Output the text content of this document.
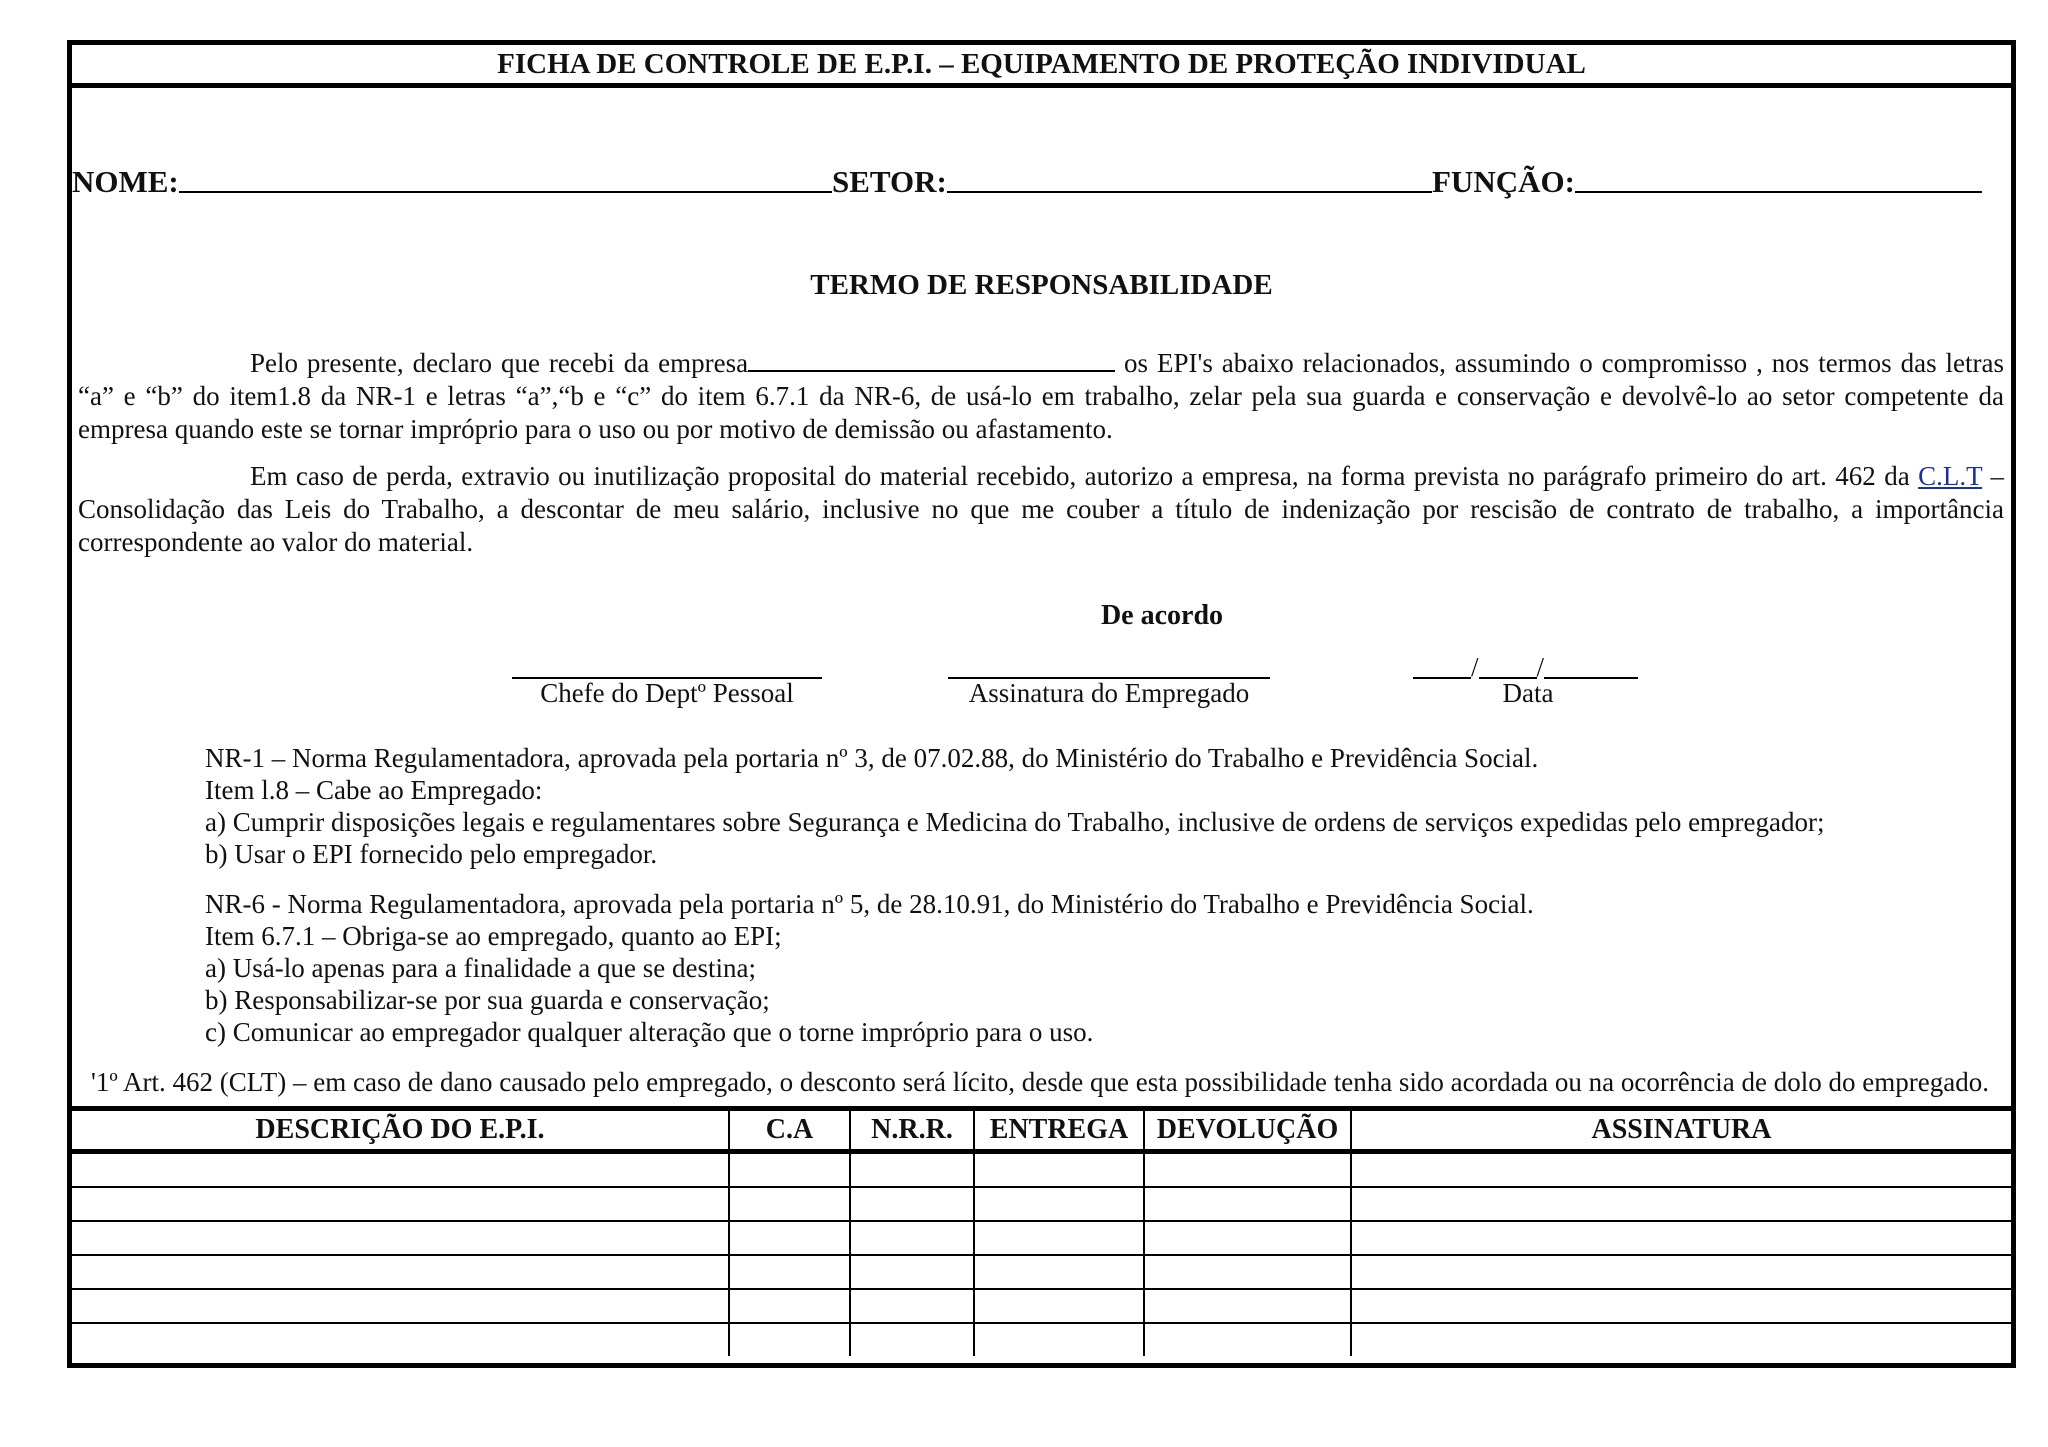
FICHA DE CONTROLE DE E.P.I. – EQUIPAMENTO DE PROTEÇÃO INDIVIDUAL
NOME:	SETOR:	FUNÇÃO:
TERMO DE RESPONSABILIDADE
Pelo presente, declaro que recebi da empresa	os EPI's abaixo relacionados, assumindo o compromisso , nos termos das letras “a” e “b” do item1.8 da NR-1 e letras “a”,“b e “c” do item 6.7.1 da NR-6, de usá-lo em trabalho, zelar pela sua guarda e conservação e devolvê-lo ao setor competente da empresa quando este se tornar impróprio para o uso ou por motivo de demissão ou afastamento.
Em caso de perda, extravio ou inutilização proposital do material recebido, autorizo a empresa, na forma prevista no parágrafo primeiro do art. 462 da C.L.T – Consolidação das Leis do Trabalho, a descontar de meu salário, inclusive no que me couber a título de indenização por rescisão de contrato de trabalho, a importância correspondente ao valor do material.
De acordo
Chefe do Deptº Pessoal	Assinatura do Empregado
/ /
Data
NR-1 – Norma Regulamentadora, aprovada pela portaria nº 3, de 07.02.88, do Ministério do Trabalho e Previdência Social.
Item l.8 – Cabe ao Empregado:
a) Cumprir disposições legais e regulamentares sobre Segurança e Medicina do Trabalho, inclusive de ordens de serviços expedidas pelo empregador;
b) Usar o EPI fornecido pelo empregador.
NR-6 - Norma Regulamentadora, aprovada pela portaria nº 5, de 28.10.91, do Ministério do Trabalho e Previdência Social.
Item 6.7.1 – Obriga-se ao empregado, quanto ao EPI;
a) Usá-lo apenas para a finalidade a que se destina;
b) Responsabilizar-se por sua guarda e conservação;
c) Comunicar ao empregador qualquer alteração que o torne impróprio para o uso.
'1º Art. 462 (CLT) – em caso de dano causado pelo empregado, o desconto será lícito, desde que esta possibilidade tenha sido acordada ou na ocorrência de dolo do empregado.
DESCRIÇÃO DO E.P.I.	C.A	N.R.R.	ENTREGA	DEVOLUÇÃO	ASSINATURA
